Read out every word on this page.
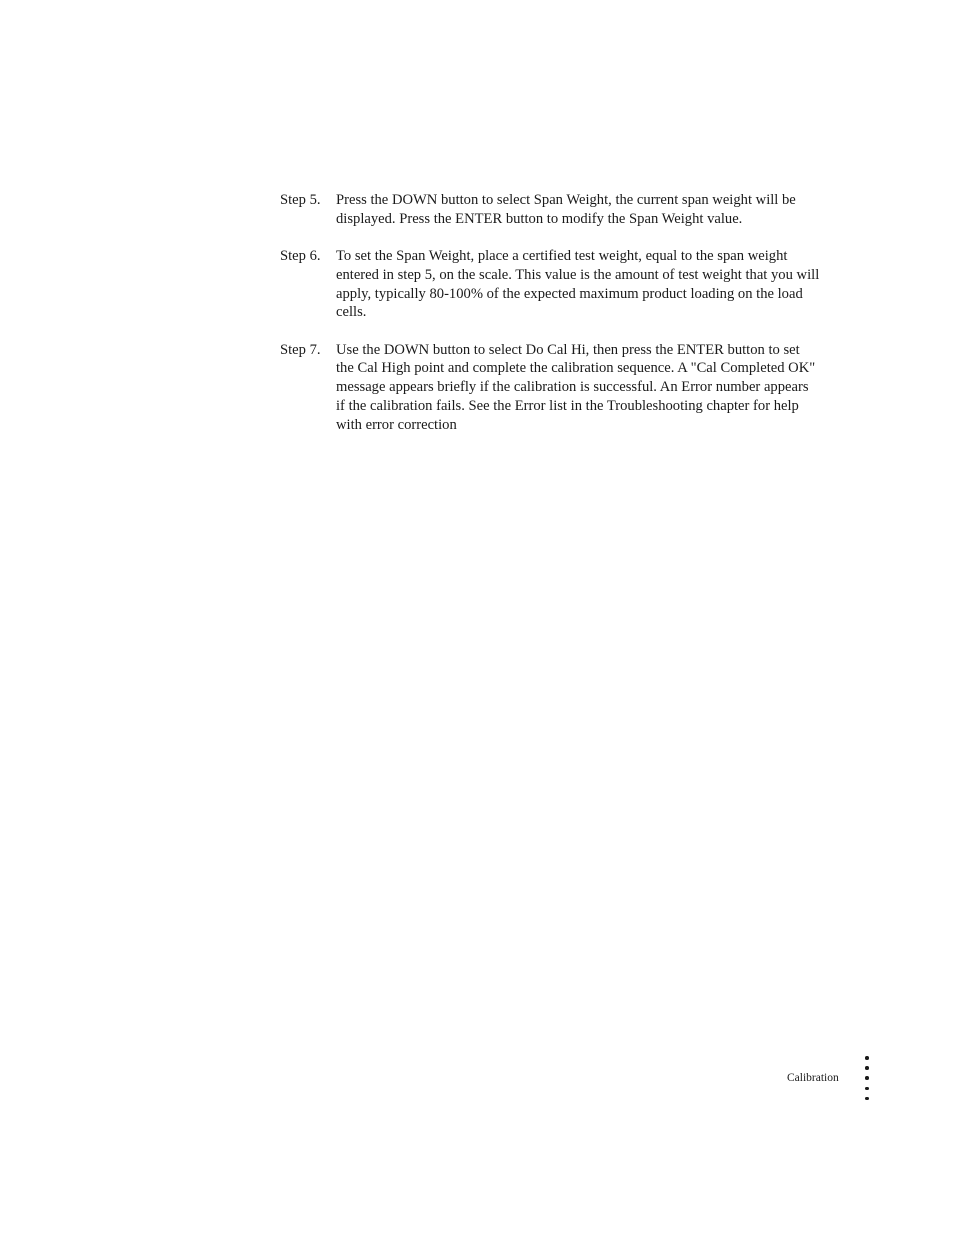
Step 5.	Press the DOWN button to select Span Weight, the current span weight will be displayed. Press the ENTER button to modify the Span Weight value.
Step 6.	To set the Span Weight, place a certified test weight, equal to the span weight entered in step 5, on the scale. This value is the amount of test weight that you will apply, typically 80-100% of the expected maximum product loading on the load cells.
Step 7.	Use the DOWN button to select Do Cal Hi, then press the ENTER button to set the Cal High point and complete the calibration sequence. A "Cal Completed OK" message appears briefly if the calibration is successful. An Error number appears if the calibration fails. See the Error list in the Troubleshooting chapter for help with error correction
Calibration
